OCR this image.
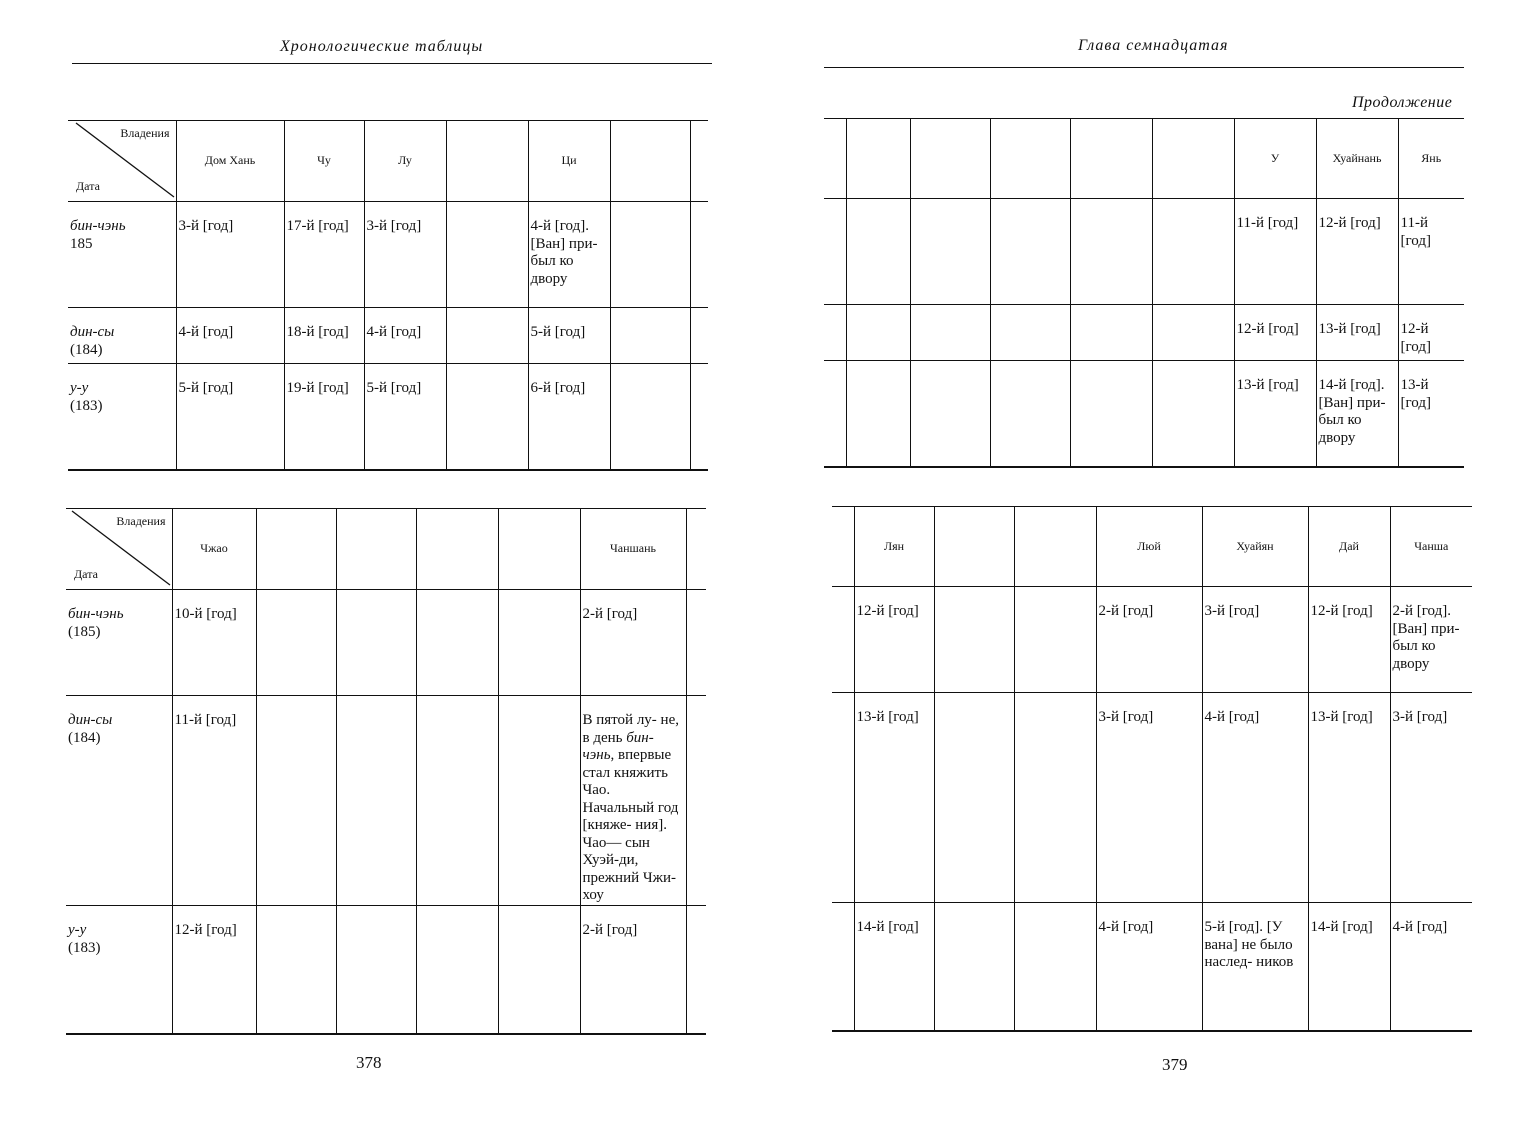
Хронологические таблицы
Владения
Дата	Дом Хань	Чу	Лу		Ци		

бин-чэнь
185	3-й [год]	17-й [год]	3-й [год]		4-й [год]. [Ван] при- был ко двору		

дин-сы
(184)	4-й [год]	18-й [год]	4-й [год]		5-й [год]		

у-у
(183)	5-й [год]	19-й [год]	5-й [год]		6-й [год]		
Владения
Дата	Чжао					Чаншань	

бин-чэнь
(185)	10-й [год]					2-й [год]	

дин-сы
(184)	11-й [год]					В пятой лу- не, в день бин-чэнь, впервые стал княжить Чао. Начальный год [княже- ния]. Чао— сын Хуэй-ди, прежний Чжи-хоу	

у-у
(183)	12-й [год]					2-й [год]	
378
Глава семнадцатая
Продолжение
						У	Хуайнань	Янь
						11-й [год]	12-й [год]	11-й [год]
						12-й [год]	13-й [год]	12-й [год]
						13-й [год]	14-й [год]. [Ван] при- был ко двору	13-й [год]
	Лян			Люй	Хуайян	Дай	Чанша
	12-й [год]			2-й [год]	3-й [год]	12-й [год]	2-й [год]. [Ван] при- был ко двору
	13-й [год]			3-й [год]	4-й [год]	13-й [год]	3-й [год]
	14-й [год]			4-й [год]	5-й [год]. [У вана] не было наслед- ников	14-й [год]	4-й [год]
379
